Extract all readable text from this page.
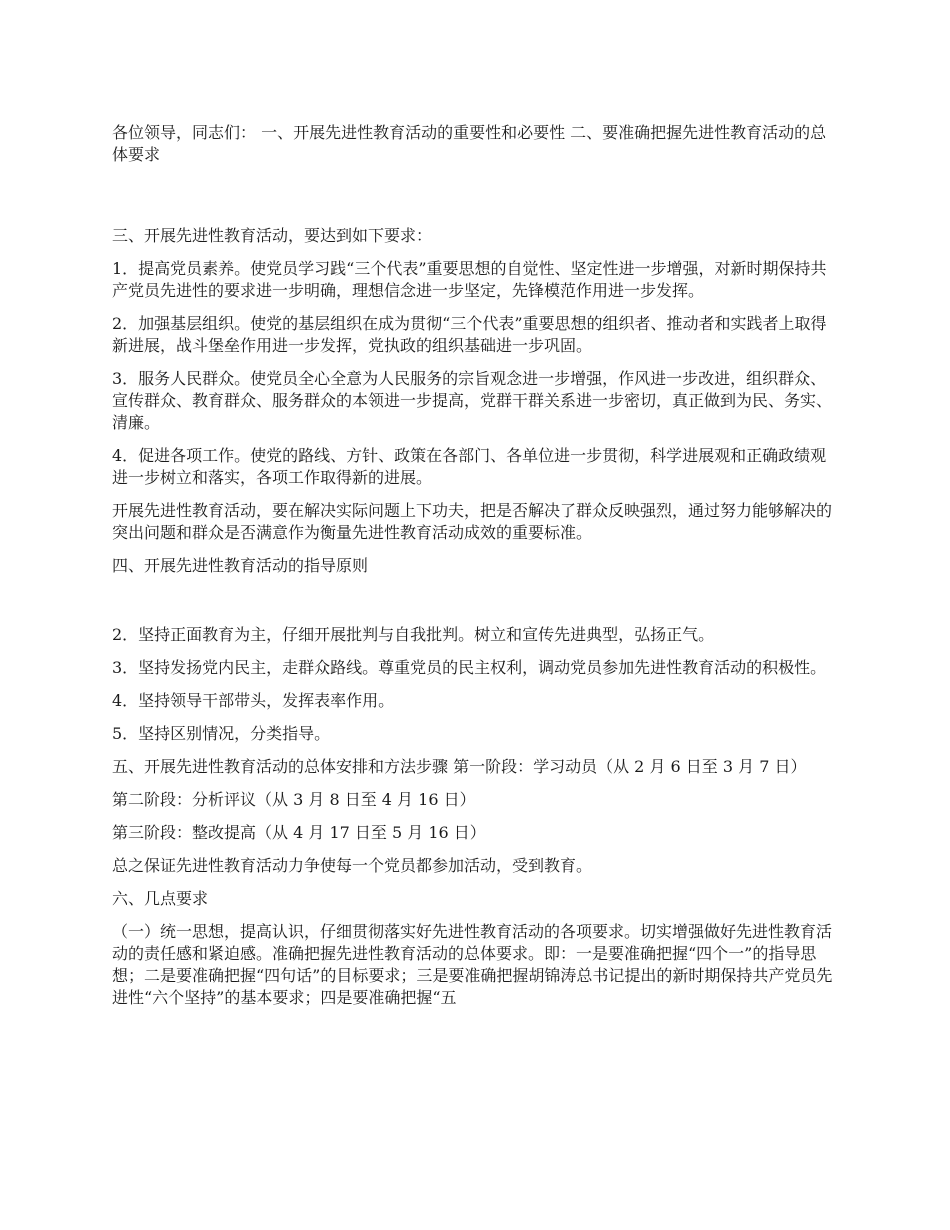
各位领导，同志们： 一、开展先进性教育活动的重要性和必要性 二、要准确把握先进性教育活动的总体要求

三、开展先进性教育活动，要达到如下要求：

1．提高党员素养。使党员学习践“三个代表”重要思想的自觉性、坚定性进一步增强，对新时期保持共产党员先进性的要求进一步明确，理想信念进一步坚定，先锋模范作用进一步发挥。

2．加强基层组织。使党的基层组织在成为贯彻“三个代表”重要思想的组织者、推动者和实践者上取得新进展，战斗堡垒作用进一步发挥，党执政的组织基础进一步巩固。

3．服务人民群众。使党员全心全意为人民服务的宗旨观念进一步增强，作风进一步改进，组织群众、宣传群众、教育群众、服务群众的本领进一步提高，党群干群关系进一步密切，真正做到为民、务实、清廉。

4．促进各项工作。使党的路线、方针、政策在各部门、各单位进一步贯彻，科学进展观和正确政绩观进一步树立和落实，各项工作取得新的进展。

开展先进性教育活动，要在解决实际问题上下功夫，把是否解决了群众反映强烈，通过努力能够解决的突出问题和群众是否满意作为衡量先进性教育活动成效的重要标准。

四、开展先进性教育活动的指导原则

2．坚持正面教育为主，仔细开展批判与自我批判。树立和宣传先进典型，弘扬正气。

3．坚持发扬党内民主，走群众路线。尊重党员的民主权利，调动党员参加先进性教育活动的积极性。

4．坚持领导干部带头，发挥表率作用。

5．坚持区别情况，分类指导。

五、开展先进性教育活动的总体安排和方法步骤 第一阶段：学习动员（从 2 月 6 日至 3 月 7 日）

第二阶段：分析评议（从 3 月 8 日至 4 月 16 日）

第三阶段：整改提高（从 4 月 17 日至 5 月 16 日）

总之保证先进性教育活动力争使每一个党员都参加活动，受到教育。

六、几点要求

（一）统一思想，提高认识，仔细贯彻落实好先进性教育活动的各项要求。切实增强做好先进性教育活动的责任感和紧迫感。准确把握先进性教育活动的总体要求。即：一是要准确把握“四个一”的指导思想；二是要准确把握“四句话”的目标要求；三是要准确把握胡锦涛总书记提出的新时期保持共产党员先进性“六个坚持”的基本要求；四是要准确把握“五
